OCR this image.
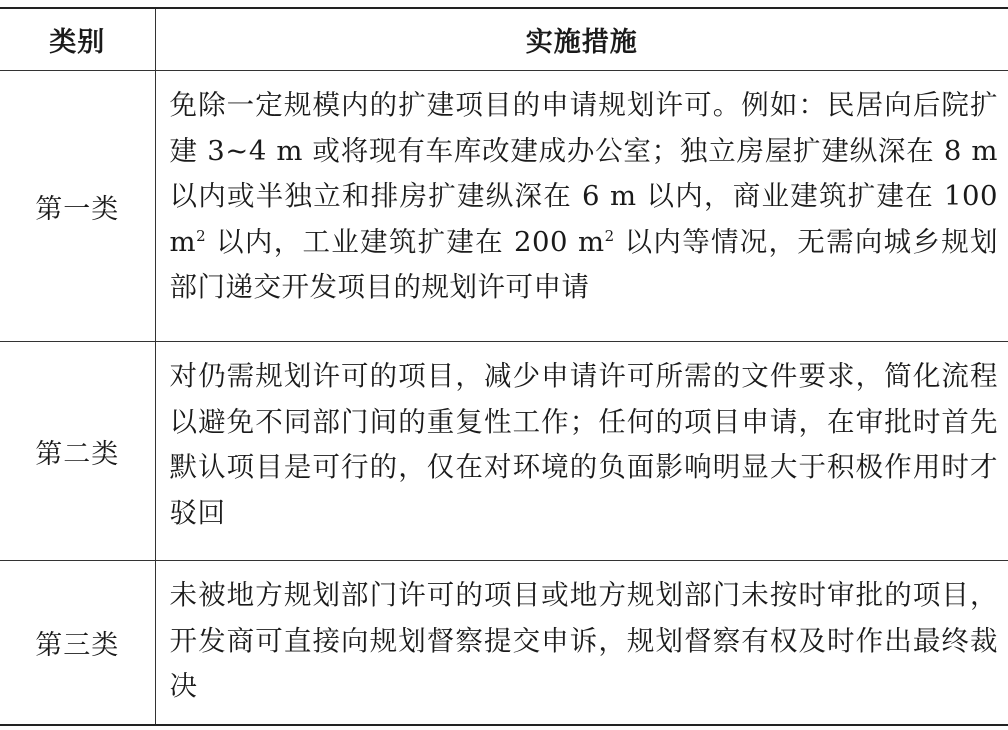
类别	实施措施
第一类	免除一定规模内的扩建项目的申请规划许可。例如：民居向后院扩建 3~4 m 或将现有车库改建成办公室；独立房屋扩建纵深在 8 m 以内或半独立和排房扩建纵深在 6 m 以内，商业建筑扩建在 100 $m^2$ 以内，工业建筑扩建在 200 $m^2$ 以内等情况，无需向城乡规划部门递交开发项目的规划许可申请
第二类	对仍需规划许可的项目，减少申请许可所需的文件要求，简化流程以避免不同部门间的重复性工作；任何的项目申请，在审批时首先默认项目是可行的，仅在对环境的负面影响明显大于积极作用时才驳回
第三类	未被地方规划部门许可的项目或地方规划部门未按时审批的项目，开发商可直接向规划督察提交申诉，规划督察有权及时作出最终裁决
